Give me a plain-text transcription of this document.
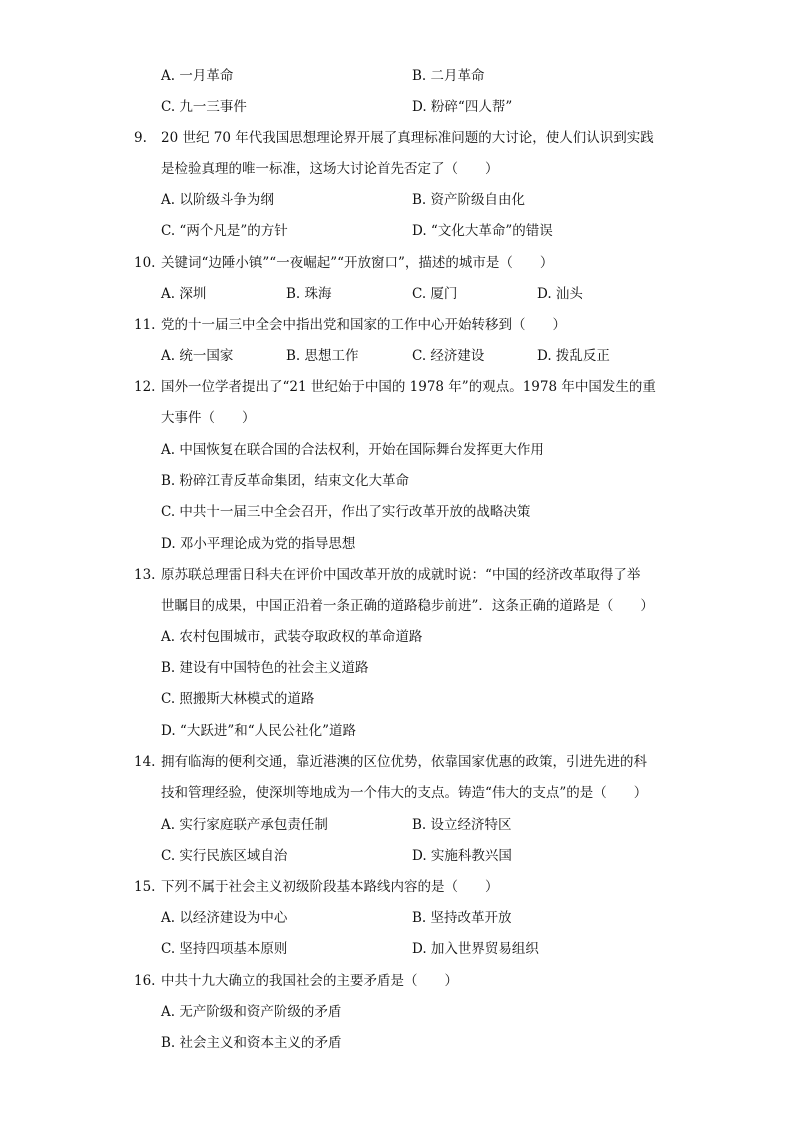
A. 一月革命	B. 二月革命
C. 九一三事件	D. 粉碎“四人帮”
9. 20 世纪 70 年代我国思想理论界开展了真理标准问题的大讨论，使人们认识到实践
是检验真理的唯一标准，这场大讨论首先否定了（　　）
A. 以阶级斗争为纲	B. 资产阶级自由化
C. “两个凡是”的方针	D. “文化大革命”的错误
10. 关键词“边陲小镇”“一夜崛起”“开放窗口”，描述的城市是（　　）
A. 深圳	B. 珠海	C. 厦门	D. 汕头
11. 党的十一届三中全会中指出党和国家的工作中心开始转移到（　　）
A. 统一国家	B. 思想工作	C. 经济建设	D. 拨乱反正
12. 国外一位学者提出了“21 世纪始于中国的 1978 年”的观点。1978 年中国发生的重
大事件（　　）
A. 中国恢复在联合国的合法权利，开始在国际舞台发挥更大作用
B. 粉碎江青反革命集团，结束文化大革命
C. 中共十一届三中全会召开，作出了实行改革开放的战略决策
D. 邓小平理论成为党的指导思想
13. 原苏联总理雷日科夫在评价中国改革开放的成就时说：“中国的经济改革取得了举
世瞩目的成果，中国正沿着一条正确的道路稳步前进”．这条正确的道路是（　　）
A. 农村包围城市，武装夺取政权的革命道路
B. 建设有中国特色的社会主义道路
C. 照搬斯大林模式的道路
D. “大跃进”和“人民公社化”道路
14. 拥有临海的便利交通，靠近港澳的区位优势，依靠国家优惠的政策，引进先进的科
技和管理经验，使深圳等地成为一个伟大的支点。铸造“伟大的支点”的是（　　）
A. 实行家庭联产承包责任制	B. 设立经济特区
C. 实行民族区域自治	D. 实施科教兴国
15. 下列不属于社会主义初级阶段基本路线内容的是（　　）
A. 以经济建设为中心	B. 坚持改革开放
C. 坚持四项基本原则	D. 加入世界贸易组织
16. 中共十九大确立的我国社会的主要矛盾是（　　）
A. 无产阶级和资产阶级的矛盾
B. 社会主义和资本主义的矛盾
